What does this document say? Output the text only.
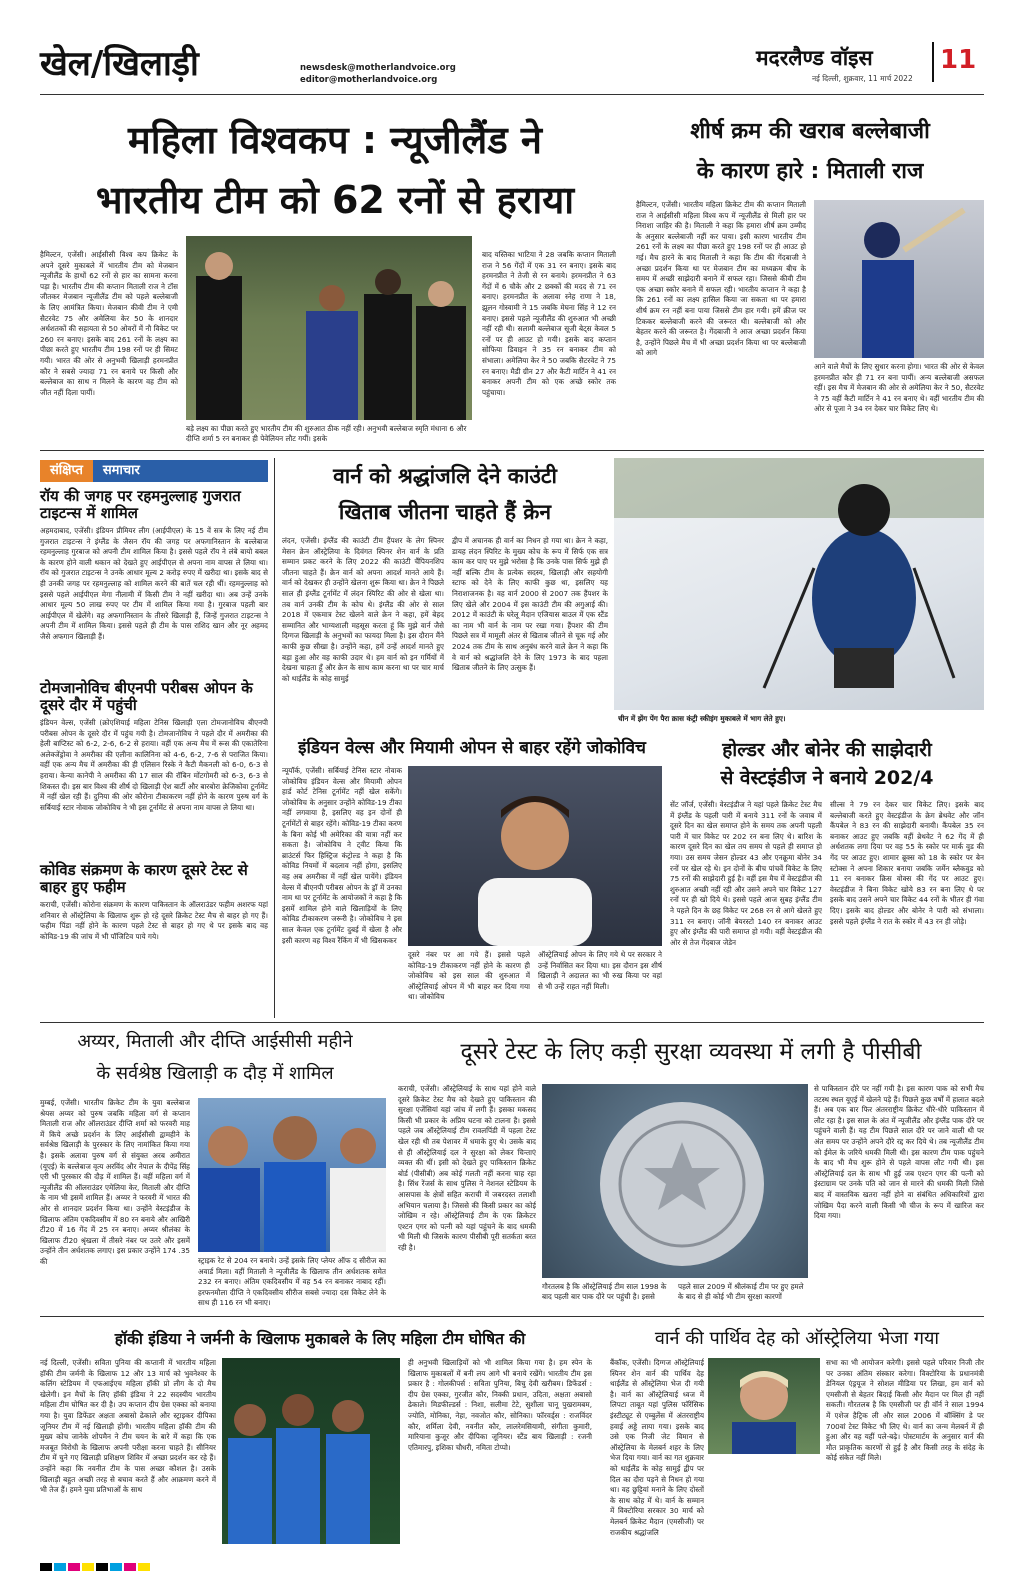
खेल/खिलाड़ी	newsdesk@motherlandvoice.org
editor@motherlandvoice.org
मदरलैण्ड वॉइस	11
नई दिल्ली, शुक्रवार, 11 मार्च 2022
महिला विश्वकप : न्यूजीलैंड ने
भारतीय टीम को 62 रनों से हराया
हैमिल्टन, एजेंसी। आईसीसी विश्व कप क्रिकेट के अपने दूसरे मुकाबले में भारतीय टीम को मेजबान न्यूजीलैंड के हाथों 62 रनों से हार का सामना करना पड़ा है। भारतीय टीम की कप्तान मिताली राज ने टॉस जीतकर मेजबान न्यूजीलैंड टीम को पहले बल्लेबाजी के लिए आमंत्रित किया। मेजबान कीवी टीम ने एमी सैटरवेट 75 और अमेलिया केर 50 के शानदार अर्धशतकों की सहायता से 50 ओवरों में नौ विकेट पर 260 रन बनाए। इसके बाद 261 रनों के लक्ष्य का पीछा करते हुए भारतीय टीम 198 रनों पर ही सिमट गयी। भारत की ओर से अनुभवी खिलाड़ी हरमनप्रीत कौर ने सबसे ज्यादा 71 रन बनाये पर किसी और बल्लेबाज का साथ न मिलने के कारण वह टीम को जीत नहीं दिला पायीं।
बड़े लक्ष्य का पीछा करते हुए भारतीय टीम की शुरुआत ठीक नहीं रही। अनुभवी बल्लेबाज स्मृति मंधाना 6 और दीप्ति शर्मा 5 रन बनाकर ही पेवेलियन लौट गयीं। इसके
बाद यस्तिका भाटिया ने 28 जबकि कप्तान मिताली राज ने 56 गेंदों में एक 31 रन बनाए। इसके बाद हरमनप्रीत ने तेजी से रन बनाये। हरमनप्रीत ने 63 गेंदों में 6 चौके और 2 छक्कों की मदद से 71 रन बनाए। हरमनप्रीत के अलावा स्नेह राणा ने 18, झूलन गोस्वामी ने 15 जबकि मेघना सिंह ने 12 रन बनाए। इससे पहले न्यूजीलैंड की शुरुआत भी अच्छी नहीं रही थी। सलामी बल्लेबाज सूजी बेट्स केवल 5 रनों पर ही आउट हो गयी। इसके बाद कप्तान सोफिया डिवाइन ने 35 रन बनाकर टीम को संभाला। अमेलिया केर ने 50 जबकि सैटरवेट ने 75 रन बनाए। मैडी ग्रीन 27 और कैटी मार्टिन ने 41 रन बनाकर अपनी टीम को एक अच्छे स्कोर तक पहुंचाया।
शीर्ष क्रम की खराब बल्लेबाजी
के कारण हारे : मिताली राज
हैमिल्टन, एजेंसी। भारतीय महिला क्रिकेट टीम की कप्तान मिताली राज ने आईसीसी महिला विश्व कप में न्यूजीलैंड से मिली हार पर निराशा जाहिर की है। मिताली ने कहा कि हमारा शीर्ष क्रम उम्मीद के अनुसार बल्लेबाजी नहीं कर पाया। इसी कारण भारतीय टीम 261 रनों के लक्ष्य का पीछा करते हुए 198 रनों पर ही आउट हो गई। मैच हारने के बाद मिताली ने कहा कि टीम की गेंदबाजी ने अच्छा प्रदर्शन किया था पर मेजबान टीम का मध्यक्रम बीच के समय में अच्छी साझेदारी बनाने में सफल रहा। जिससे कीवी टीम एक अच्छा स्कोर बनाने में सफल रही। भारतीय कप्तान ने कहा है कि 261 रनों का लक्ष्य हासिल किया जा सकता था पर हमारा शीर्ष क्रम रन नहीं बना पाया जिससे टीम हार गयी। हमें क्रीज पर टिककर बल्लेबाजी करने की जरूरत थी। बल्लेबाजी को और बेहतर करने की जरूरत है। गेंदबाजी ने आज अच्छा प्रदर्शन किया है, उन्होंने पिछले मैच में भी अच्छा प्रदर्शन किया था पर बल्लेबाजी को आगे
आने वाले मैचों के लिए सुधार करना होगा। भारत की ओर से केवल हरमनप्रीत कौर ही 71 रन बना पायीं। अन्य बल्लेबाजी असफल रहीं। इस मैच में मेजबान की ओर से अमेलिया केर ने 50, सैटरवेट ने 75 वहीं कैटी मार्टिन ने 41 रन बनाए थे। वहीं भारतीय टीम की ओर से पूजा ने 34 रन देकर चार विकेट लिए थे।
संक्षिप्त	समाचार
रॉय की जगह पर रहमनुल्लाह गुजरात टाइटन्स में शामिल
अहमदाबाद, एजेंसी। इंडियन प्रीमियर लीग (आईपीएल) के 15 वें सत्र के लिए नई टीम गुजरात टाइटन्स ने इंग्लैंड के जैसन रॉय की जगह पर अफगानिस्तान के बल्लेबाज रहमनुल्लाह गुरबाज को अपनी टीम शामिल किया है। इससे पहले रॉय ने लंबे बायो बबल के कारण होने वाली थकान को देखते हुए आईपीएल से अपना नाम वापस ले लिया था। रॉय को गुजरात टाइटन्स ने उनके आधार मूल्य 2 करोड़ रुपए में खरीदा था। इसके बाद से ही उनकी जगह पर रहमनुल्लाह को शामिल करने की बातें चल रही थीं। रहमनुल्लाह को इससे पहले आईपीएल मेगा नीलामी में किसी टीम ने नहीं खरीदा था। अब उन्हें उनके आधार मूल्य 50 लाख रुपए पर टीम में शामिल किया गया है। गुरबाज पहली बार आईपीएल में खेलेंगे। वह अफगानिस्तान के तीसरे खिलाड़ी हैं, जिन्हें गुजरात टाइटन्स ने अपनी टीम में शामिल किया। इससे पहले ही टीम के पास राशिद खान और नूर अहमद जैसे अफगान खिलाड़ी हैं।
टोमजानोविच बीएनपी परीबस ओपन के दूसरे दौर में पहुंची
इंडियन वेल्स, एजेंसी (क्रोएशियाई महिला टेनिस खिलाड़ी एला टोमजानोविच बीएनपी परीबस ओपन के दूसरे दौर में पहुंच गयी है। टोमजानोविच ने पहले दौर में अमरीका की हेली बाप्टिस्ट को 6-2, 2-6, 6-2 से हराया। वहीं एक अन्य मैच में रूस की एकातेरिना अलेक्जेंड्रोवा ने अमरीका की एलीना कालिनिना को 4-6, 6-2, 7-6 से पराजित किया। वहीं एक अन्य मैच में अमरीका की ही एलिसन रिस्के ने कैटी मैकनली को 6-0, 6-3 से हराया। केन्या कानेपी ने अमरीका की 17 साल की रॉबिन मोंटगोमरी को 6-3, 6-3 से शिकस्त दी। इस बार विश्व की शीर्ष दो खिलाड़ी ऐश बार्टी और बारबोरा क्रेजिकोवा टूर्नामेंट में नहीं खेल रही हैं। दुनिया की ओर कौरोना टीकाकरण नहीं होने के कारण पुरुष वर्ग के सर्बियाई स्टार नोवाक जोकोविच ने भी इस टूर्नामेंट से अपना नाम वापस ले लिया था।
कोविड संक्रमण के कारण दूसरे टेस्ट से बाहर हुए फहीम
कराची, एजेंसी। कोरोना संक्रमण के कारण पाकिस्तान के ऑलराउंडर फहीम अशरफ यहां शनिवार से ऑस्ट्रेलिया के खिलाफ शुरू हो रहे दूसरे क्रिकेट टेस्ट मैच से बाहर हो गए हैं। फहीम पिंडा नहीं होने के कारण पहले टेस्ट से बाहर हो गए थे पर इसके बाद वह कोविड-19 की जांच में भी पॉजिटिव पाये गये।
वार्न को श्रद्धांजलि देने काउंटी
खिताब जीतना चाहते हैं क्रेन
लंदन, एजेंसी। इंग्लैंड की काउंटी टीम हैंपशर के लेग स्पिनर मेसन क्रेन ऑस्ट्रेलिया के दिवंगत स्पिनर शेन वार्न के प्रति सम्मान प्रकट करने के लिए 2022 की काउंटी चैंपियनशिप जीतना चाहते हैं। क्रेन वार्न को अपना आदर्श मानते आये हैं। वार्न को देखकर ही उन्होंने खेलना शुरू किया था। क्रेन ने पिछले साल ही इंग्लैंड टूर्नामेंट में लंदन स्पिरिट की ओर से खेला था। तब वार्न उनकी टीम के कोच थे। इंग्लैंड की ओर से साल 2018 में एकमात्र टेस्ट खेलने वाले क्रेन ने कहा, हमें बेहद सम्मानित और भाग्यशाली महसूस करता हूं कि मुझे वार्न जैसे दिग्गज खिलाड़ी के अनुभवों का फायदा मिला है। इस दौरान मैंने काफी कुछ सीखा है। उन्होंने कहा, हमें उन्हें आदर्श मानते हुए बड़ा हुआ और वह काफी उदार थे। हम वार्न को इन गर्मियों में देखना चाहता हूँ और क्रेन के साथ काम करना था पर चार मार्च को थाईलैंड के कोह सामुई
द्वीप में अचानक ही वार्न का निधन हो गया था। क्रेन ने कहा, डायह लंदन स्पिरिट के मुख्य कोच के रूप में सिर्फ एक सत्र काम कर पाए पर मुझे भरोसा है कि उनके पास सिर्फ मुझे ही नहीं बल्कि टीम के प्रत्येक सदस्य, खिलाड़ी और सहयोगी स्टाफ को देने के लिए काफी कुछ था, इसलिए यह निराशाजनक है। वह वार्न 2000 से 2007 तक हैंपशर के लिए खेले और 2004 में इस काउंटी टीम की अगुआई की। 2012 में काउंटी के घरेलू मैदान एजियास बाउल में एक स्टैंड का नाम भी वार्न के नाम पर रखा गया। हैंपशर की टीम पिछले सत्र में मामूली अंतर से खिताब जीतने से चूक गई और 2024 तक टीम के साथ अनुबंध करने वाले क्रेन ने कहा कि वे वार्न को श्रद्धांजलि देने के लिए 1973 के बाद पहला खिताब जीतने के लिए उत्सुक हैं।
चीन में झेंग पेंग पैरा क्रास कंट्री स्कीइंग मुकाबले में भाग लेते हुए।
इंडियन वेल्स और मियामी ओपन से बाहर रहेंगे जोकोविच
न्यूयॉर्क, एजेंसी। सर्बियाई टेनिस स्टार नोवाक जोकोविच इंडियन वेल्स और मियामी ओपन हार्ड कोर्ट टेनिस टूर्नामेंट नहीं खेल सकेंगे। जोकोविच के अनुसार उन्होंने कोविड-19 टीका नहीं लगवाया है, इसलिए वह इन दोनों ही टूर्नामेंटों से बाहर रहेंगे। कोविड-19 टीका करण के बिना कोई भी अमेरिका की यात्रा नहीं कर सकता है। जोकोविच ने ट्वीट किया कि ब्राउंटर्स फिर हिस्ट्रिज कंट्रोल्ड ने कहा है कि कोविड नियमों में बदलाव नहीं होगा, इसलिए वह अब अमरीका में नहीं खेल पायेंगे। इंडियन वेल्स में बीएनपी परीबस ओपन के ड्रॉ में उनका नाम था पर टूर्नामेंट के आयोजकों ने कहा है कि इसमें शामिल होने वाले खिलाड़ियों के लिए कोविड टीकाकरण जरूरी है। जोकोविच ने इस साल केवल एक टूर्नामेंट दुबई में खेला है और इसी कारण वह विश्व रैंकिंग में भी खिसककर
दूसरे नंबर पर आ गये हैं। इससे पहले कोविड-19 टीकाकरण नहीं होने के कारण ही जोकोविच को इस साल की शुरुआत में ऑस्ट्रेलियाई ओपन में भी बाहर कर दिया गया था। जोकोविच
ऑस्ट्रेलियाई ओपन के लिए गये थे पर सरकार ने उन्हें निर्वासित कर दिया था। इस दौरान इस शीर्ष खिलाड़ी ने अदालत का भी रुख किया पर वहां से भी उन्हें राहत नहीं मिली।
होल्डर और बोनेर की साझेदारी
से वेस्टइंडीज ने बनाये 202/4
सेंट जॉर्ज, एजेंसी। वेस्टइंडीज ने यहां पहले क्रिकेट टेस्ट मैच में इंग्लैंड के पहली पारी में बनाये 311 रनों के जवाब में दूसरे दिन का खेल समाप्त होने के समय तक अपनी पहली पारी में चार विकेट पर 202 रन बना लिए थे। बारिश के कारण दूसरे दिन का खेल तय समय से पहले ही समाप्त हो गया। उस समय जेसन होल्डर 43 और एनक्रूमा बोनेर 34 रनों पर खेल रहे थे। इन दोनों के बीच पांचवें विकेट के लिए 75 रनों की साझेदारी हुई है। वहीं इस मैच में वेस्टइंडीज की शुरुआत अच्छी नहीं रही और उसने अपने चार विकेट 127 रनों पर ही खो दिये थे। इससे पहले आज सुबह इंग्लैंड टीम ने पहले दिन के छह विकेट पर 268 रन से आगे खेलते हुए 311 रन बनाए। जॉनी बेयरस्टो 140 रन बनाकर आउट हुए और इंग्लैंड की पारी समाप्त हो गयी। वहीं वेस्टइंडीज की ओर से तेज गेंदबाज जेडेन
सील्स ने 79 रन देकर चार विकेट लिए। इसके बाद बल्लेबाजी करते हुए वेस्टइंडीज के क्रेग ब्रेथवेट और जॉन कैंपबेल ने 83 रन की साझेदारी बनायी। कैंपबेल 35 रन बनाकर आउट हुए जबकि वहीं ब्रेथवेट ने 62 गेंद में ही अर्धशतक लगा दिया पर वह 55 के स्कोर पर मार्क वुड की गेंद पर आउट हुए। शामार ब्रूक्स को 18 के स्कोर पर बेन स्टोक्स ने अपना शिकार बनाया जबकि जर्मेन ब्लैकवुड को 11 रन बनाकर क्रिस वोक्स की गेंद पर आउट हुए। वेस्टइंडीज ने बिना विकेट खोये 83 रन बना लिए थे पर इसके बाद उसने अपने चार विकेट 44 रनों के भीतर ही गंवा दिए। इसके बाद होल्डर और बोनेर ने पारी को संभाला। इससे पहले इंग्लैंड ने रात के स्कोर में 43 रन ही जोड़े।
अय्यर, मिताली और दीप्ति आईसीसी महीने
के सर्वश्रेष्ठ खिलाड़ी क दौड़ में शामिल
मुम्बई, एजेंसी। भारतीय क्रिकेट टीम के युवा बल्लेबाज श्रेयस अय्यर को पुरुष जबकि महिला वर्ग से कप्तान मिताली राज और ऑलराउंडर दीप्ति शर्मा को फरवरी माह में किये अच्छे प्रदर्शन के लिए आईसीसी द्वामहीने के सर्वश्रेष्ठ खिलाड़ी के पुरस्कार के लिए नामांकित किया गया है। इसके अलावा पुरुष वर्ग से संयुक्त अरब अमीरात (यूएई) के बल्लेबाज वृत्य अरविंद और नेपाल के दीपेंद्र सिंह एरी भी पुरस्कार की दौड़ में शामिल हैं। वहीं महिला वर्ग में न्यूजीलैंड की ऑलराउंडर एमेलिया केर, मिताली और दीप्ति के नाम भी इसमें शामिल हैं। अय्यर ने फरवरी में भारत की ओर से शानदार प्रदर्शन किया था। उन्होंने वेस्टइंडीज के खिलाफ अंतिम एकदिवसीय में 80 रन बनाये और आखिरी टी20 में 16 गेंद में 25 रन बनाए। अय्यर श्रीलंका के खिलाफ टी20 श्रृंखला में तीसरे नंबर पर उतरे और इसमें उन्होंने तीन अर्धशतक लगाए। इस प्रकार उन्होंने 174 .35 की	स्ट्राइक रेट से 204 रन बनाये। उन्हें इसके लिए प्लेयर ऑफ द सीरीज का अवार्ड मिला। वहीं मिताली ने न्यूजीलैंड के खिलाफ तीन अर्धशतक समेत 232 रन बनाए। अंतिम एकदिवसीय में वह 54 रन बनाकर नाबाद रहीं। हरफनमौला दीप्ति ने एकदिवसीय सीरीज सबसे ज्यादा दस विकेट लेने के साथ ही 116 रन भी बनाए।
दूसरे टेस्ट के लिए कड़ी सुरक्षा व्यवस्था में लगी है पीसीबी
कराची, एजेंसी। ऑस्ट्रेलियाई के साथ यहां होने वाले दूसरे क्रिकेट टेस्ट मैच को देखते हुए पाकिस्तान की सुरक्षा एजेंसियां यहां जांच में लगी हैं। इसका मकसद किसी भी प्रकार के अप्रिय घटना को टालना है। इससे पहले जब ऑस्ट्रेलियाई टीम रावलपिंडी में पहला टेस्ट खेल रही थी तब पेशावर में धमाके हुए थे। उसके बाद से ही ऑस्ट्रेलियाई दल ने सुरक्षा को लेकर चिन्ताएं व्यक्त की थीं। इसी को देखते हुए पाकिस्तान क्रिकेट बोर्ड (पीसीबी) अब कोई गलती नहीं करना चाह रहा है। सिंध रेंजर्स के साथ पुलिस ने नेशनल स्टेडियम के आसपास के क्षेत्रों सहित कराची में जबरदस्त तलाशी अभियान चलाया है। जिससे की किसी प्रकार का कोई जोखिम न रहे। ऑस्ट्रेलियाई टीम के एक क्रिकेटर एश्टन एगर को पत्नी को यहां पहुंचने के बाद धमकी भी मिली थी जिसके कारण पीसीबी पूरी सतर्कता बरत रही है।
गौरतलब है कि ऑस्ट्रेलियाई टीम साल 1998 के बाद पहली बार पाक दौरे पर पहुंची है। इससे
पहले साल 2009 में श्रीलंकाई टीम पर हुए हमले के बाद से ही कोई भी टीम सुरक्षा कारणों
से पाकिस्तान दौरे पर नहीं गयी है। इस कारण पाक को सभी मैच तटस्थ स्थल यूएई में खेलने पड़े हैं। पिछले कुछ वर्षों में हालात बदले हैं। अब एक बार फिर अंतरराष्ट्रीय क्रिकेट धीरे-धीरे पाकिस्तान में लौट रहा है। इस साल के अंत में न्यूजीलैंड और इंग्लैंड पाक दौरे पर पहुंचने वाली हैं। यह टीम पिछले साल दौरे पर जाने वाली थी पर अंत समय पर उन्होंने अपने दौरे रद्द कर दिये थे। तब न्यूजीलैंड टीम को ईमेल के जरिये धमकी मिली थी। इस कारण टीम पाक पहुंचने के बाद भी मैच शुरू होने से पहले वापस लौट गयी थी। इस ऑस्ट्रेलियाई दल के साथ भी हुई जब एश्टन एगर की पत्नी को इंस्टाग्राम पर उनके पति को जान से मारने की धमकी मिली जिसे बाद में वास्तविक खतरा नहीं होने वा संबंधित अधिकारियों द्वारा जोखिम पैदा करने वाली किसी भी चीज के रूप में खारिज कर दिया गया।
हॉकी इंडिया ने जर्मनी के खिलाफ मुकाबले के लिए महिला टीम घोषित की
नई दिल्ली, एजेंसी। सविता पुनिया की कप्तानी में भारतीय महिला हॉकी टीम जर्मनी के खिलाफ 12 और 13 मार्च को भुवनेश्वर के कलिंग स्टेडियम में एफआईएच महिला हॉकी प्रो लीग के दो मैच खेलेगी। इन मैचों के लिए हॉकी इंडिया ने 22 सदस्यीय भारतीय महिला टीम घोषित कर दी है। उप कप्तान दीप ग्रेस एक्का को बनाया गया है। युवा डिफेंडर अक्षता अबासो ढेकाले और स्ट्राइकर दीपिका जूनियर टीम में नई खिलाड़ी होंगी। भारतीय महिला हॉकी टीम की मुख्य कोच जानेके शोपमैन ने टीम चयन के बारे में कहा कि एक मजबूत विरोधी के खिलाफ अपनी परीक्षा करना चाहते हैं। सीनियर टीम में चुने गए खिलाड़ी प्रशिक्षण शिविर में अच्छा प्रदर्शन कर रहे हैं। उन्होंने कहा कि नवनीत टीम के पास अच्छा कौशल है। उसके खिलाड़ी बहुत अच्छी तरह से बचाव करते हैं और आक्रमण करने में भी तेज हैं। हमने युवा प्रतिभाओं के साथ
ही अनुभवी खिलाड़ियों को भी शामिल किया गया है। हम स्पेन के खिलाफ मुकाबलों में बनी लय आगे भी बनाये रखेंगे। भारतीय टीम इस प्रकार है : गोलकीपर्स : सविता पुनिया, बिचु देवी खरीबम। डिफेंडर्स : दीप ग्रेस एक्का, गुरजीत कौर, निक्की प्रधान, उदिता, अक्षता अबासो ढेकाले। मिडफील्डर्स : निशा, सलीमा टेटे, सुशीला चानू पुखरामबम, ज्योति, मोनिका, नेहा, नवजोत कौर, सोनिका। फॉरवर्ड्स : राजविंदर कौर, शर्मिला देवी, नवनीत कौर, लालरेमसियामी, संगीता कुमारी, मारियाना कुजूर और दीपिका जूनियर। स्टैंड बाय खिलाड़ी : रजनी एतिमारपु, इशिका चौधरी, नमिता टोप्पो।
वार्न की पार्थिव देह को ऑस्ट्रेलिया भेजा गया
बैंकॉक, एजेंसी। दिग्गज ऑस्ट्रेलियाई स्पिनर शेन वार्न की पार्थिव देह थाईलैंड से ऑस्ट्रेलिया भेज दी गयी है। वार्न का ऑस्ट्रेलियाई ध्वज में लिपटा ताबूत यहां पुलिस फॉरेंसिक इंस्टीट्यूट से एम्बुलेंस में अंतरराष्ट्रीय हवाई अड्डे लाया गया। इसके बाद उसे एक निजी जेट विमान से ऑस्ट्रेलिया के मेलबर्न शहर के लिए भेज दिया गया। वार्न का गत शुक्रवार को थाईलैंड के कोह सामुई द्वीप पर दिल का दौरा पड़ने से निधन हो गया था। वह छुट्टियां मनाने के लिए दोस्तों के साथ कोह में थे। वार्न के सम्मान में विक्टोरिया सरकार 30 मार्च को मेलबर्न क्रिकेट मैदान (एमसीजी) पर राजकीय श्रद्धांजलि
सभा का भी आयोजन करेगी। इससे पहले परिवार निजी तौर पर उनका अंतिम संस्कार करेगा। विक्टोरिया के प्रधानमंत्री डेनियल एंड्रयूज ने सोशल मीडिया पर लिखा, हम वार्न को एमसीजी से बेहतर बिदाई किसी और मैदान पर मिल ही नहीं सकती। गौरतलब है कि एमसीजी पर ही वॉर्न ने साल 1994 में एशेज हैट्रिक ली और साल 2006 में बॉक्सिंग डे पर 700वां टेस्ट विकेट भी लिए थे। वार्न का जन्म मेलबर्न में ही हुआ और वह यहीं पले-बढ़े। पोस्टमार्टम के अनुसार वार्न की मौत प्राकृतिक कारणों से हुई है और किसी तरह के संदेह के कोई संकेत नहीं मिले।
